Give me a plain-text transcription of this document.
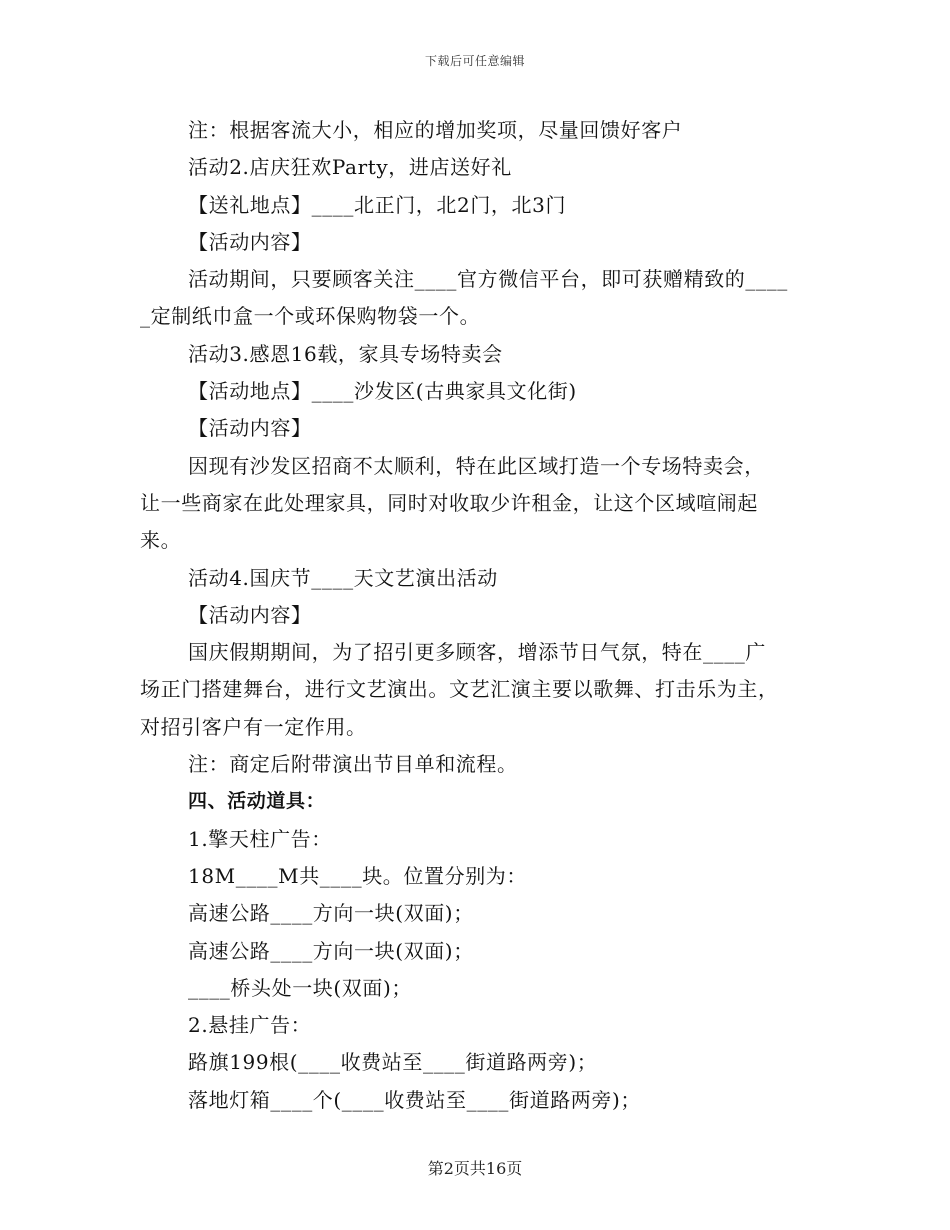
下载后可任意编辑
注：根据客流大小，相应的增加奖项，尽量回馈好客户
活动2.店庆狂欢Party，进店送好礼
【送礼地点】____北正门，北2门，北3门
【活动内容】
活动期间，只要顾客关注____官方微信平台，即可获赠精致的____
_定制纸巾盒一个或环保购物袋一个。
活动3.感恩16载，家具专场特卖会
【活动地点】____沙发区(古典家具文化街)
【活动内容】
因现有沙发区招商不太顺利，特在此区域打造一个专场特卖会，
让一些商家在此处理家具，同时对收取少许租金，让这个区域喧闹起
来。
活动4.国庆节____天文艺演出活动
【活动内容】
国庆假期期间，为了招引更多顾客，增添节日气氛，特在____广
场正门搭建舞台，进行文艺演出。文艺汇演主要以歌舞、打击乐为主，
对招引客户有一定作用。
注：商定后附带演出节目单和流程。
四、活动道具：
1.擎天柱广告：
18M____M共____块。位置分别为：
高速公路____方向一块(双面)；
高速公路____方向一块(双面)；
____桥头处一块(双面)；
2.悬挂广告：
路旗199根(____收费站至____街道路两旁)；
落地灯箱____个(____收费站至____街道路两旁)；
第2页共16页
